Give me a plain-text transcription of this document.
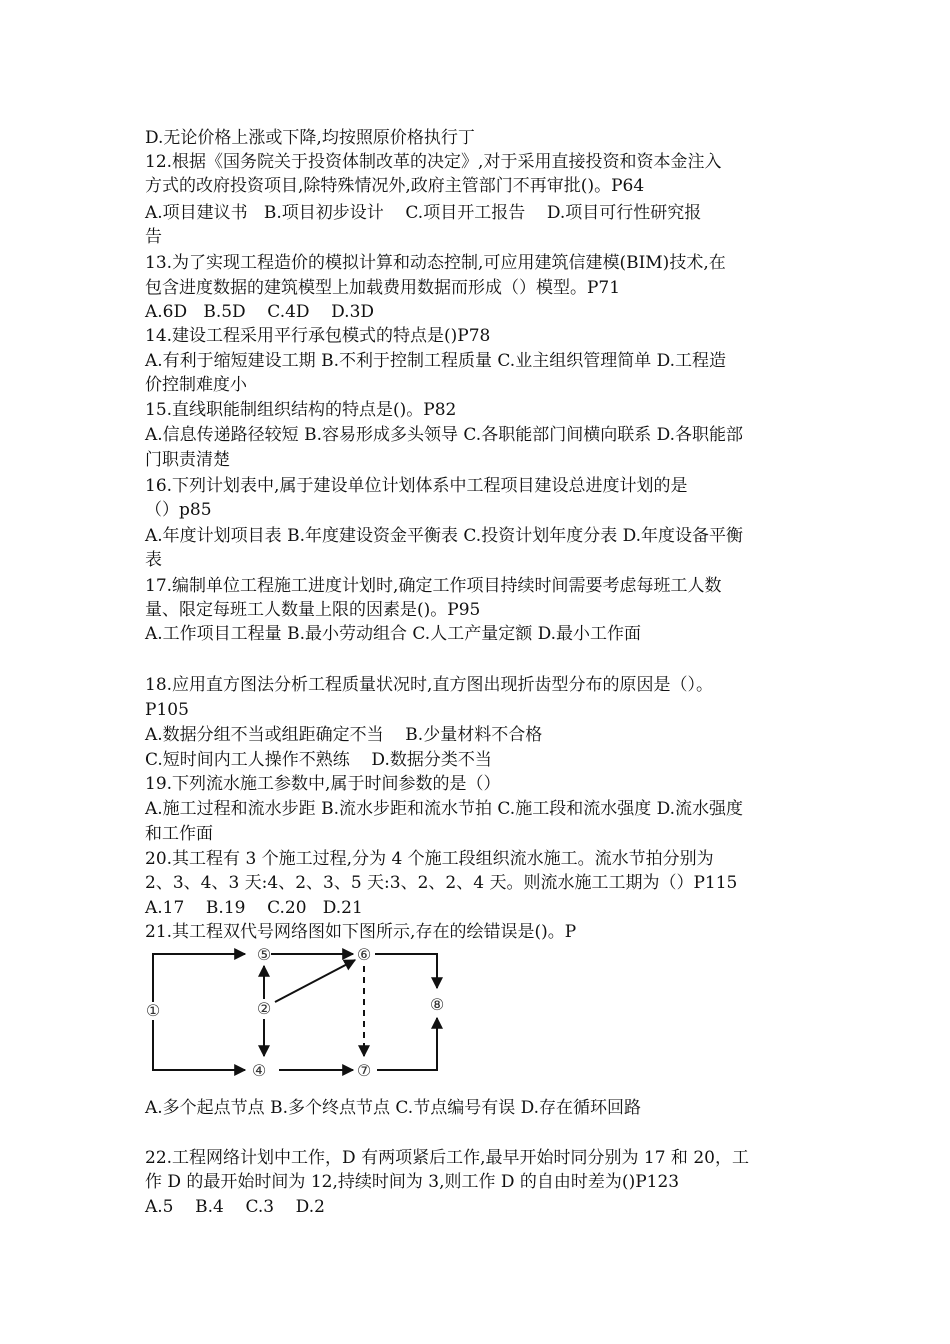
D.无论价格上涨或下降,均按照原价格执行丁
12.根据《国务院关于投资体制改革的决定》,对于采用直接投资和资本金注入
方式的改府投资项目,除特殊情况外,政府主管部门不再审批()。P64
A.项目建议书   B.项目初步设计    C.项目开工报告    D.项目可行性研究报
告
13.为了实现工程造价的模拟计算和动态控制,可应用建筑信建模(BIM)技术,在
包含进度数据的建筑模型上加载费用数据而形成（）模型。P71
A.6D   B.5D    C.4D    D.3D
14.建设工程采用平行承包模式的特点是()P78
A.有利于缩短建设工期 B.不利于控制工程质量 C.业主组织管理简单 D.工程造
价控制难度小
15.直线职能制组织结构的特点是()。P82
A.信息传递路径较短 B.容易形成多头领导 C.各职能部门间横向联系 D.各职能部
门职责清楚
16.下列计划表中,属于建设单位计划体系中工程项目建设总进度计划的是
（）p85
A.年度计划项目表 B.年度建设资金平衡表 C.投资计划年度分表 D.年度设备平衡
表
17.编制单位工程施工进度计划时,确定工作项目持续时间需要考虑每班工人数
量、限定每班工人数量上限的因素是()。P95
A.工作项目工程量 B.最小劳动组合 C.人工产量定额 D.最小工作面
18.应用直方图法分析工程质量状况时,直方图出现折齿型分布的原因是（）。
P105
A.数据分组不当或组距确定不当    B.少量材料不合格
C.短时间内工人操作不熟练    D.数据分类不当
19.下列流水施工参数中,属于时间参数的是（）
A.施工过程和流水步距 B.流水步距和流水节拍 C.施工段和流水强度 D.流水强度
和工作面
20.其工程有 3 个施工过程,分为 4 个施工段组织流水施工。流水节拍分别为
2、3、4、3 天:4、2、3、5 天:3、2、2、4 天。则流水施工工期为（）P115
A.17    B.19    C.20   D.21
21.其工程双代号网络图如下图所示,存在的绘错误是()。P
①	②
④
⑤	⑥
⑦
⑧
A.多个起点节点 B.多个终点节点 C.节点编号有误 D.存在循环回路
22.工程网络计划中工作，D 有两项紧后工作,最早开始时同分别为 17 和 20，工
作 D 的最开始时间为 12,持续时间为 3,则工作 D 的自由时差为()P123
A.5    B.4    C.3    D.2
